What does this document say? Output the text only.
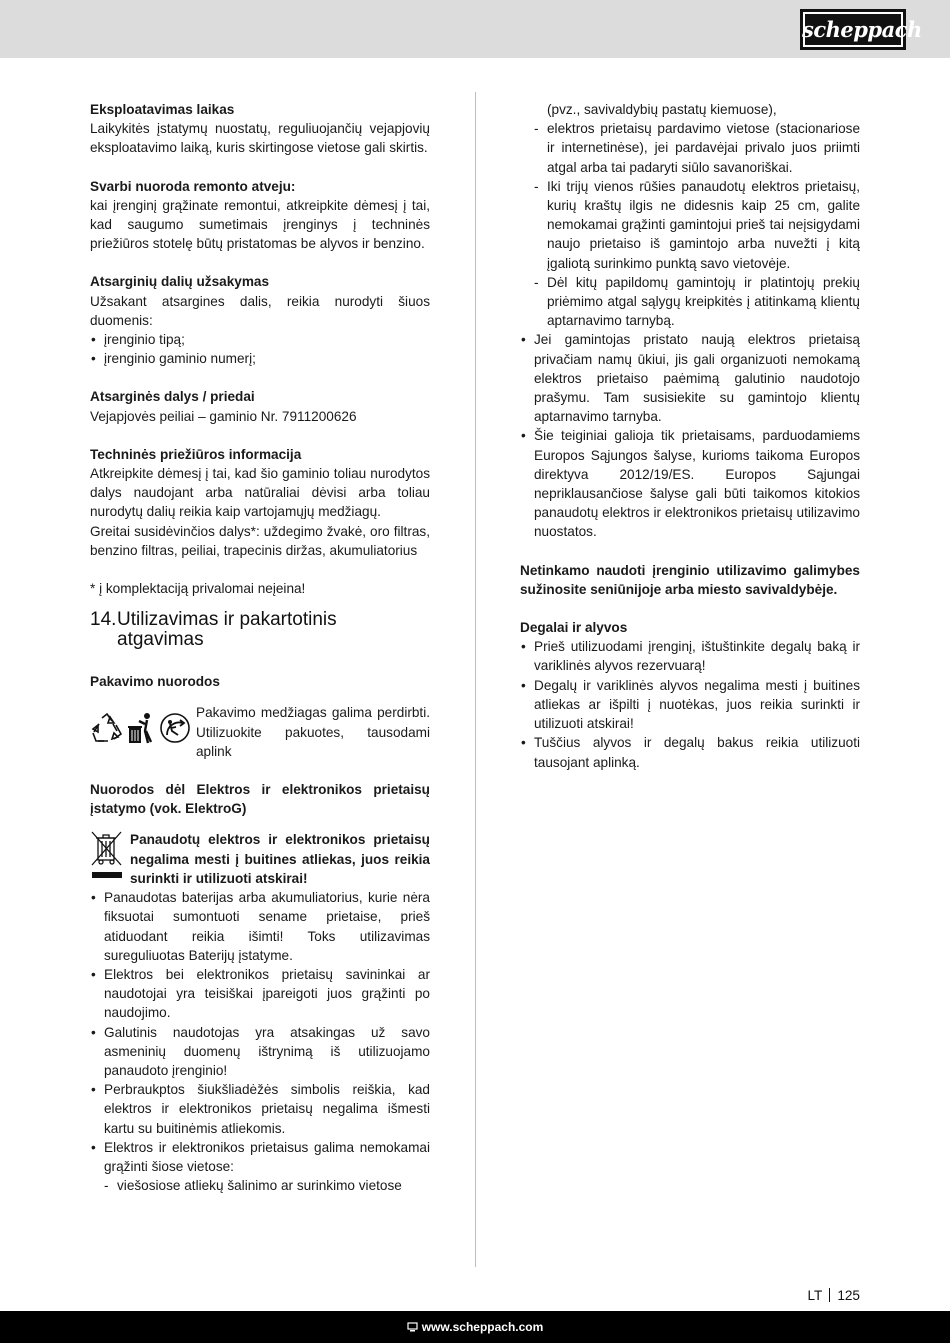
scheppach
Eksploatavimas laikas

Laikykitės įstatymų nuostatų, reguliuojančių vejapjovių eksploatavimo laiką, kuris skirtingose vietose gali skirtis.

Svarbi nuoroda remonto atveju:

kai įrenginį grąžinate remontui, atkreipkite dėmesį į tai, kad saugumo sumetimais įrenginys į techninės priežiūros stotelę būtų pristatomas be alyvos ir benzino.

Atsarginių dalių užsakymas

Užsakant atsargines dalis, reikia nurodyti šiuos duomenis:

• įrenginio tipą;
• įrenginio gaminio numerį;
Atsarginės dalys / priedai

Vejapjovės peiliai – gaminio Nr. 7911200626

Techninės priežiūros informacija

Atkreipkite dėmesį į tai, kad šio gaminio toliau nurodytos dalys naudojant arba natūraliai dėvisi arba toliau nurodytų dalių reikia kaip vartojamųjų medžiagų.

Greitai susidėvinčios dalys*: uždegimo žvakė, oro filtras, benzino filtras, peiliai, trapecinis diržas, akumuliatorius

* į komplektaciją privalomai neįeina!

14.Utilizavimas ir pakartotinis
atgavimas
Pakavimo nuorodos

Pakavimo medžiagas galima perdirbti. Utilizuokite pakuotes, tausodami aplink

Nuorodos dėl Elektros ir elektronikos prietaisų įstatymo (vok. ElektroG)

Panaudotų elektros ir elektronikos prietaisų negalima mesti į buitines atliekas, juos reikia surinkti ir utilizuoti atskirai!

• Panaudotas baterijas arba akumuliatorius, kurie nėra fiksuotai sumontuoti sename prietaise, prieš atiduodant reikia išimti! Toks utilizavimas sureguliuotas Baterijų įstatyme.
• Elektros bei elektronikos prietaisų savininkai ar naudotojai yra teisiškai įpareigoti juos grąžinti po naudojimo.
• Galutinis naudotojas yra atsakingas už savo asmeninių duomenų ištrynimą iš utilizuojamo panaudoto įrenginio!
• Perbraukptos šiukšliadėžės simbolis reiškia, kad elektros ir elektronikos prietaisų negalima išmesti kartu su buitinėmis atliekomis.
• Elektros ir elektronikos prietaisus galima nemokamai grąžinti šiose vietose:
- viešosiose atliekų šalinimo ar surinkimo vietose

(pvz., savivaldybių pastatų kiemuose),

- elektros prietaisų pardavimo vietose (stacionariose ir internetinėse), jei pardavėjai privalo juos priimti atgal arba tai padaryti siūlo savanoriškai.
- Iki trijų vienos rūšies panaudotų elektros prietaisų, kurių kraštų ilgis ne didesnis kaip 25 cm, galite nemokamai grąžinti gamintojui prieš tai neįsigydami naujo prietaiso iš gamintojo arba nuvežti į kitą įgaliotą surinkimo punktą savo vietovėje.
- Dėl kitų papildomų gamintojų ir platintojų prekių priėmimo atgal sąlygų kreipkitės į atitinkamą klientų aptarnavimo tarnybą.
• Jei gamintojas pristato naują elektros prietaisą privačiam namų ūkiui, jis gali organizuoti nemokamą elektros prietaiso paėmimą galutinio naudotojo prašymu. Tam susisiekite su gamintojo klientų aptarnavimo tarnyba.
• Šie teiginiai galioja tik prietaisams, parduodamiems Europos Sąjungos šalyse, kurioms taikoma Europos direktyva 2012/19/ES. Europos Sąjungai nepriklausančiose šalyse gali būti taikomos kitokios panaudotų elektros ir elektronikos prietaisų utilizavimo nuostatos.

Netinkamo naudoti įrenginio utilizavimo galimybes sužinosite seniūnijoje arba miesto savivaldybėje.

Degalai ir alyvos
• Prieš utilizuodami įrenginį, ištuštinkite degalų baką ir variklinės alyvos rezervuarą!
• Degalų ir variklinės alyvos negalima mesti į buitines atliekas ar išpilti į nuotėkas, juos reikia surinkti ir utilizuoti atskirai!
• Tuščius alyvos ir degalų bakus reikia utilizuoti tausojant aplinką.
LT 125
www.scheppach.com
